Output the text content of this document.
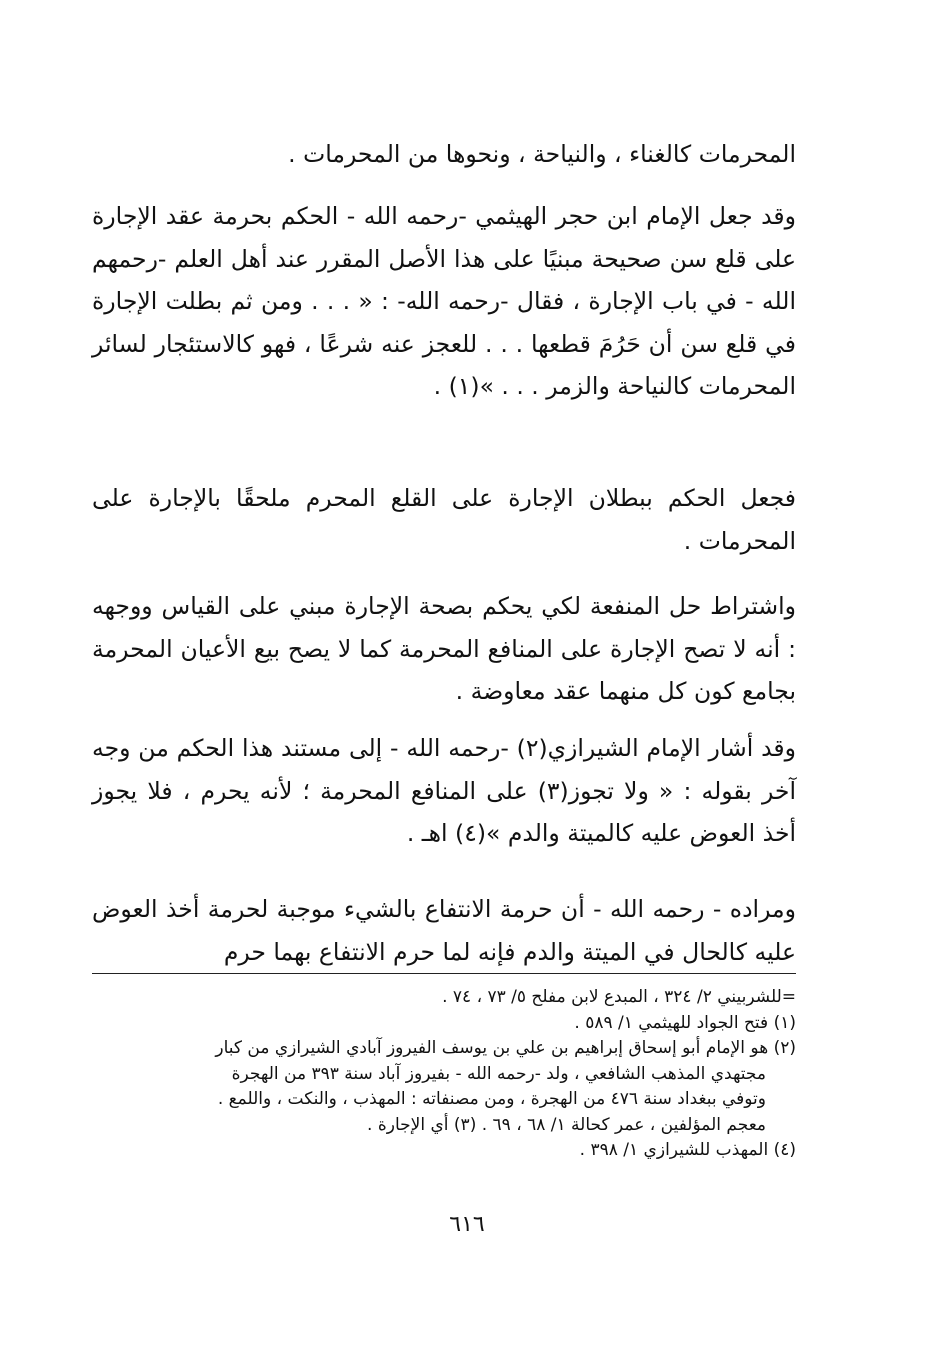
المحرمات كالغناء ، والنياحة ، ونحوها من المحرمات .

وقد جعل الإمام ابن حجر الهيثمي -رحمه الله - الحكم بحرمة عقد الإجارة على قلع سن صحيحة مبنيًا على هذا الأصل المقرر عند أهل العلم -رحمهم الله - في باب الإجارة ، فقال -رحمه الله- : « . . . ومن ثم بطلت الإجارة في قلع سن أن حَرُمَ قطعها . . . للعجز عنه شرعًا ، فهو كالاستئجار لسائر المحرمات كالنياحة والزمر . . . »(١) .

فجعل الحكم ببطلان الإجارة على القلع المحرم ملحقًا بالإجارة على المحرمات .

واشتراط حل المنفعة لكي يحكم بصحة الإجارة مبني على القياس ووجهه : أنه لا تصح الإجارة على المنافع المحرمة كما لا يصح بيع الأعيان المحرمة بجامع كون كل منهما عقد معاوضة .

وقد أشار الإمام الشيرازي(٢) -رحمه الله - إلى مستند هذا الحكم من وجه آخر بقوله : « ولا تجوز(٣) على المنافع المحرمة ؛ لأنه يحرم ، فلا يجوز أخذ العوض عليه كالميتة والدم »(٤) اهـ .

ومراده - رحمه الله - أن حرمة الانتفاع بالشيء موجبة لحرمة أخذ العوض عليه كالحال في الميتة والدم فإنه لما حرم الانتفاع بهما حرم

=للشربيني ٢/ ٣٢٤ ، المبدع لابن مفلح ٥/ ٧٣ ، ٧٤ .

(١) فتح الجواد للهيثمي ١/ ٥٨٩ .

(٢) هو الإمام أبو إسحاق إبراهيم بن علي بن يوسف الفيروز آبادي الشيرازي من كبار

مجتهدي المذهب الشافعي ، ولد -رحمه الله - بفيروز آباد سنة ٣٩٣ من الهجرة

وتوفي ببغداد سنة ٤٧٦ من الهجرة ، ومن مصنفاته : المهذب ، والنكت ، واللمع .

معجم المؤلفين ، عمر كحالة ١/ ٦٨ ، ٦٩ . (٣) أي الإجارة .

(٤) المهذب للشيرازي ١/ ٣٩٨ .

٦١٦
